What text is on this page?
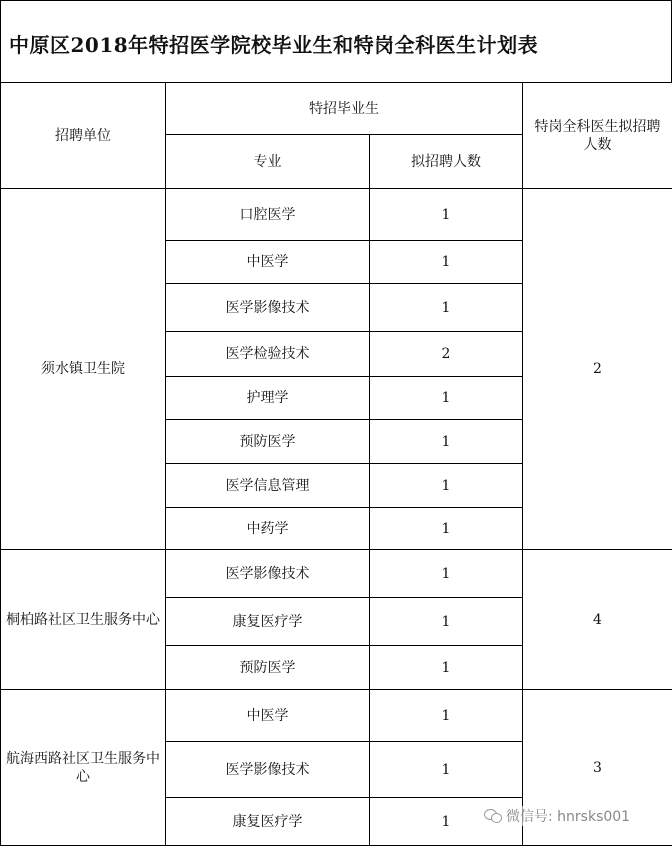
中原区2018年特招医学院校毕业生和特岗全科医生计划表
招聘单位	特招毕业生		特岗全科医生拟招聘人数
	专业	拟招聘人数	
须水镇卫生院	口腔医学	1	2
	中医学	1	
	医学影像技术	1	
	医学检验技术	2	
	护理学	1	
	预防医学	1	
	医学信息管理	1	
	中药学	1	
桐柏路社区卫生服务中心	医学影像技术	1	4
	康复医疗学	1	
	预防医学	1	
航海西路社区卫生服务中心	中医学	1	3
	医学影像技术	1	
	康复医疗学	1		微信号: hnrsks001
